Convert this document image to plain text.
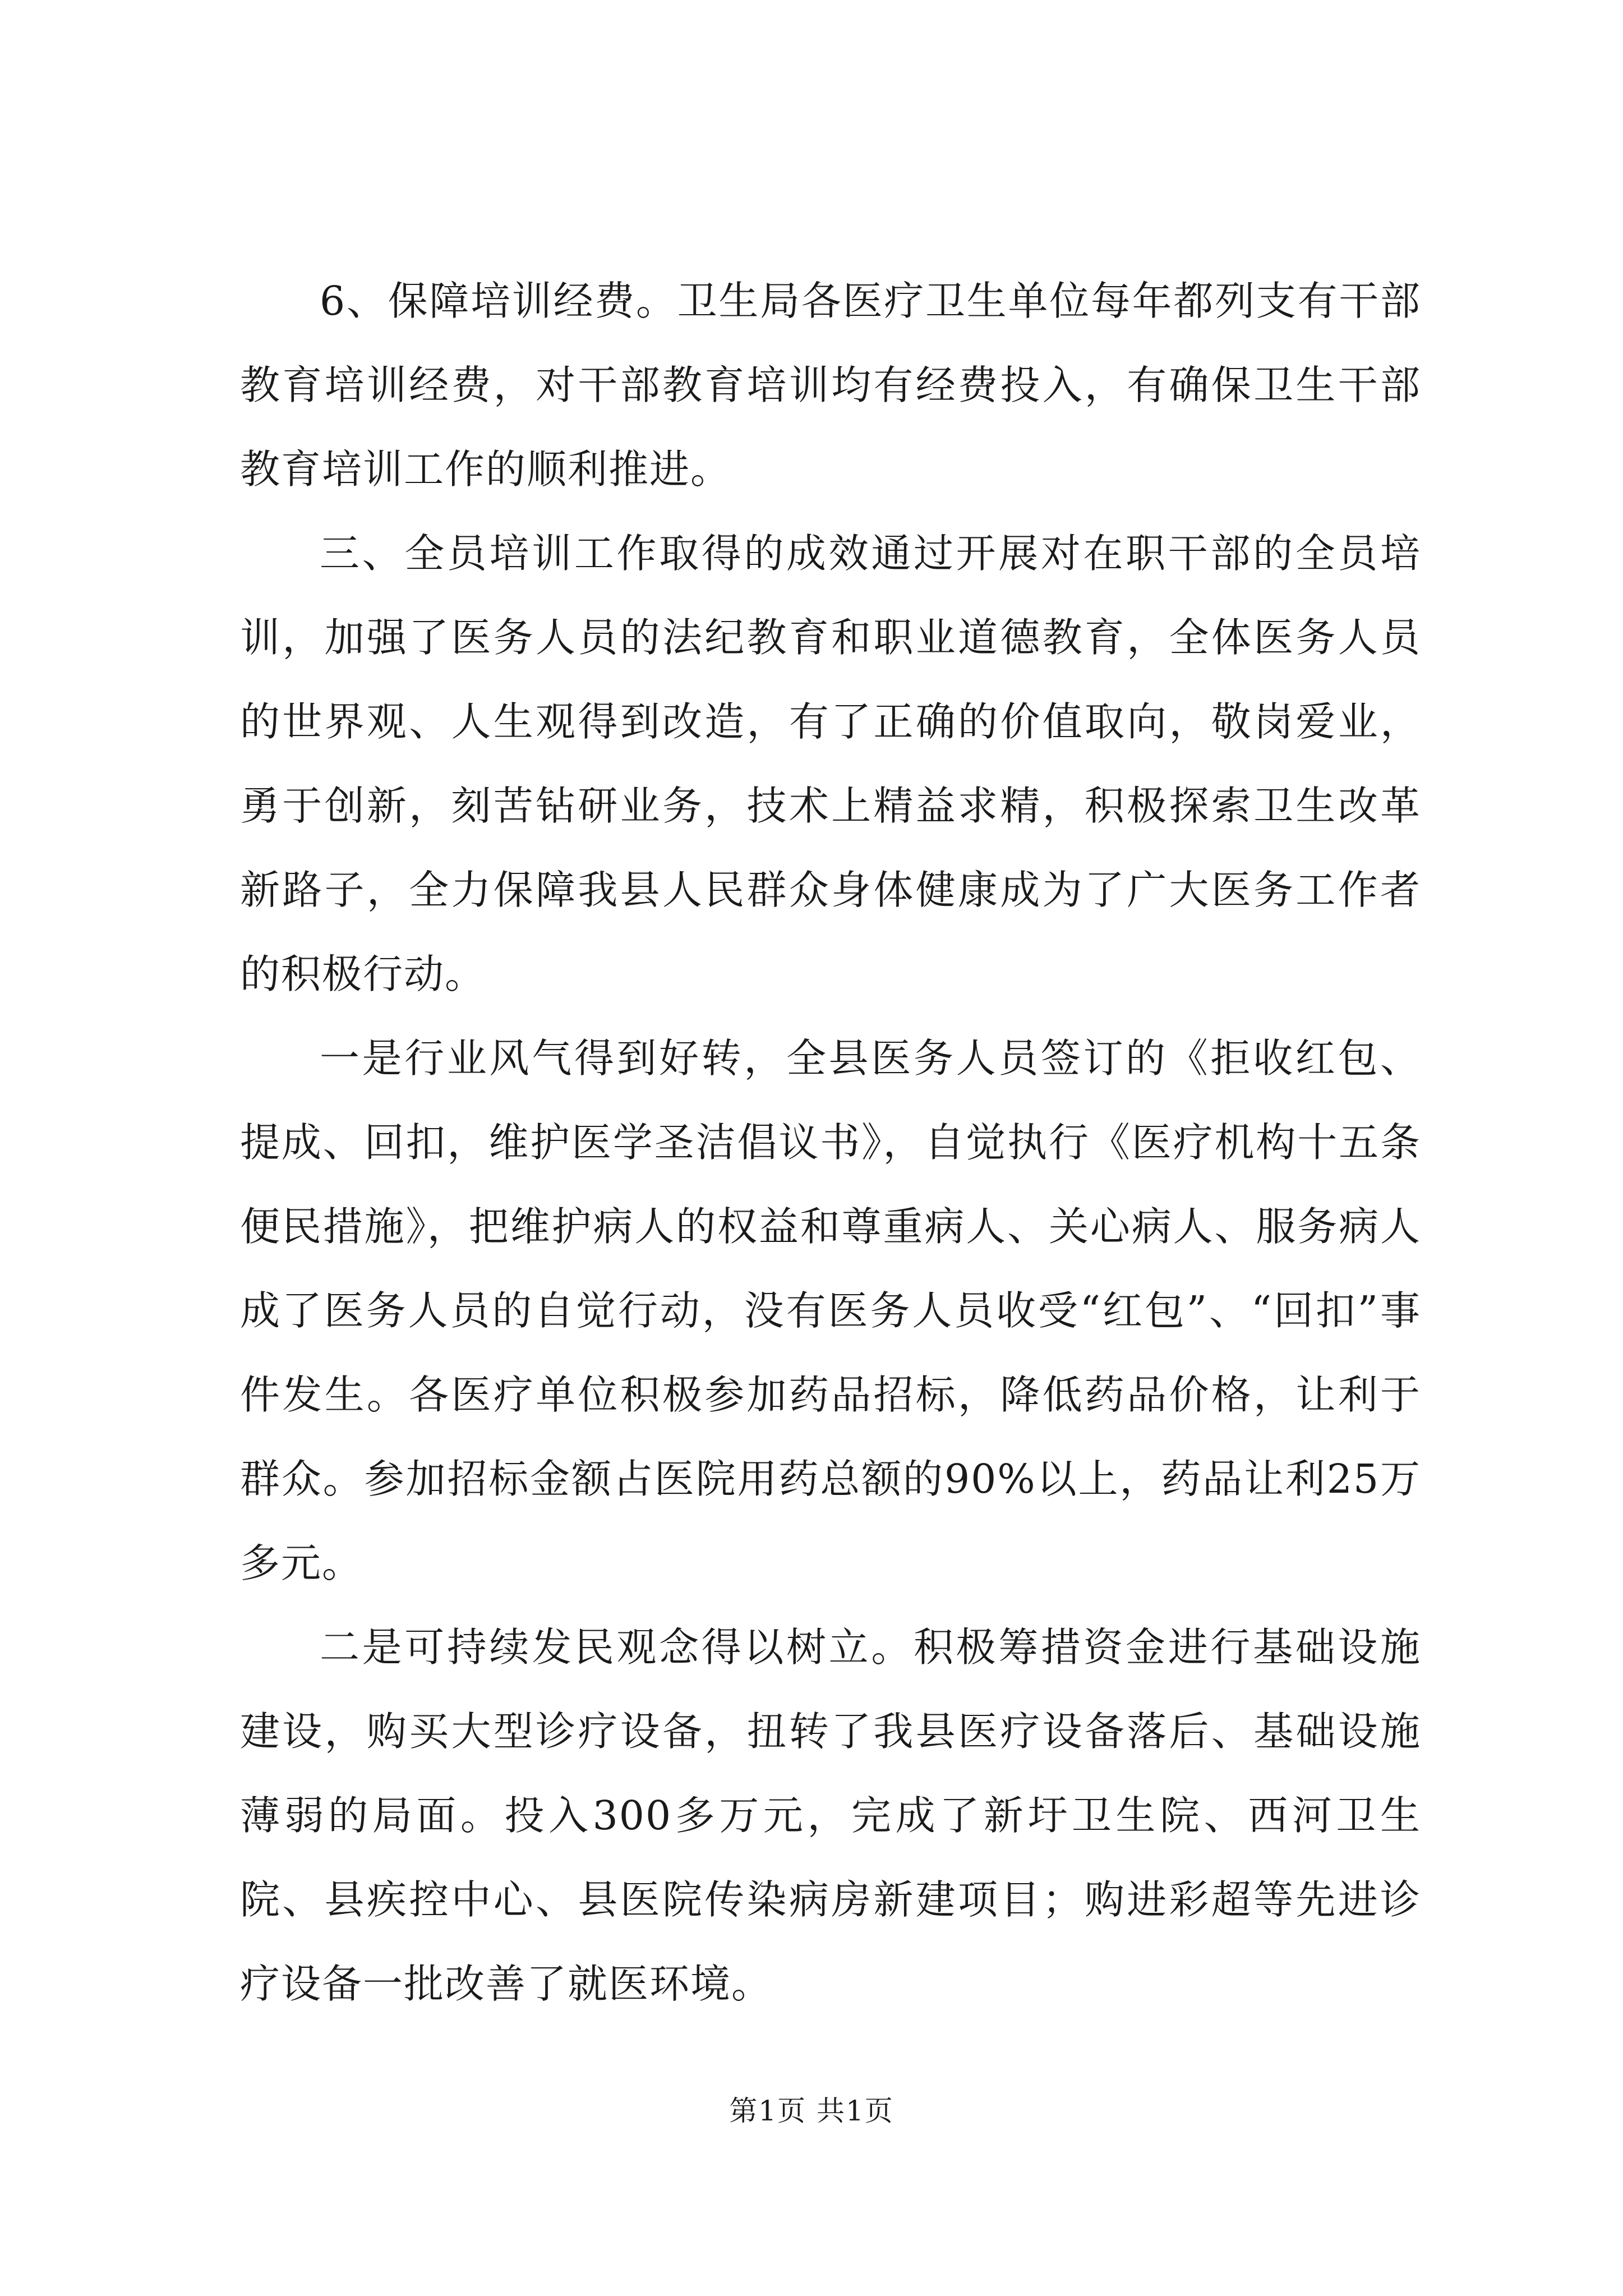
6、保障培训经费。卫生局各医疗卫生单位每年都列支有干部教育培训经费，对干部教育培训均有经费投入，有确保卫生干部教育培训工作的顺利推进。

三、全员培训工作取得的成效通过开展对在职干部的全员培训，加强了医务人员的法纪教育和职业道德教育，全体医务人员的世界观、人生观得到改造，有了正确的价值取向，敬岗爱业，勇于创新，刻苦钻研业务，技术上精益求精，积极探索卫生改革新路子，全力保障我县人民群众身体健康成为了广大医务工作者的积极行动。

一是行业风气得到好转，全县医务人员签订的《拒收红包、提成、回扣，维护医学圣洁倡议书》，自觉执行《医疗机构十五条便民措施》，把维护病人的权益和尊重病人、关心病人、服务病人成了医务人员的自觉行动，没有医务人员收受“红包”、“回扣”事件发生。各医疗单位积极参加药品招标，降低药品价格，让利于群众。参加招标金额占医院用药总额的90%以上，药品让利25万多元。

二是可持续发民观念得以树立。积极筹措资金进行基础设施建设，购买大型诊疗设备，扭转了我县医疗设备落后、基础设施薄弱的局面。投入300多万元，完成了新圩卫生院、西河卫生院、县疾控中心、县医院传染病房新建项目；购进彩超等先进诊疗设备一批改善了就医环境。

第1页 共1页
